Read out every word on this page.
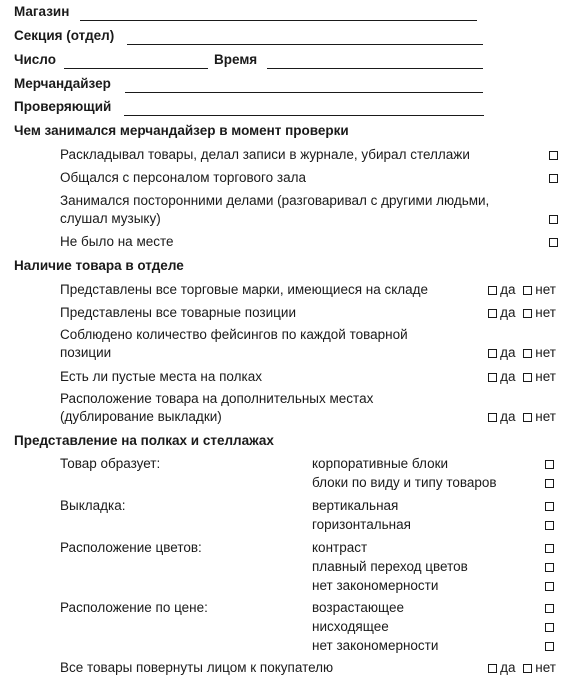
Магазин
Секция (отдел)
Число	Время
Мерчандайзер
Проверяющий
Чем занимался мерчандайзер в момент проверки
Раскладывал товары, делал записи в журнале, убирал стеллажи
Общался с персоналом торгового зала
Занимался посторонними делами (разговаривал с другими людьми,
слушал музыку)
Не было на месте
Наличие товара в отделе
Представлены все торговые марки, имеющиеся на складе	да нет
Представлены все товарные позиции	да нет
Соблюдено количество фейсингов по каждой товарной
позиции	да нет
Есть ли пустые места на полках	да нет
Расположение товара на дополнительных местах
(дублирование выкладки)	да нет
Представление на полках и стеллажах
Товар образует:	корпоративные блоки
блоки по виду и типу товаров
Выкладка:	вертикальная
горизонтальная
Расположение цветов:	контраст
плавный переход цветов
нет закономерности
Расположение по цене:	возрастающее
нисходящее
нет закономерности
Все товары повернуты лицом к покупателю	да нет
